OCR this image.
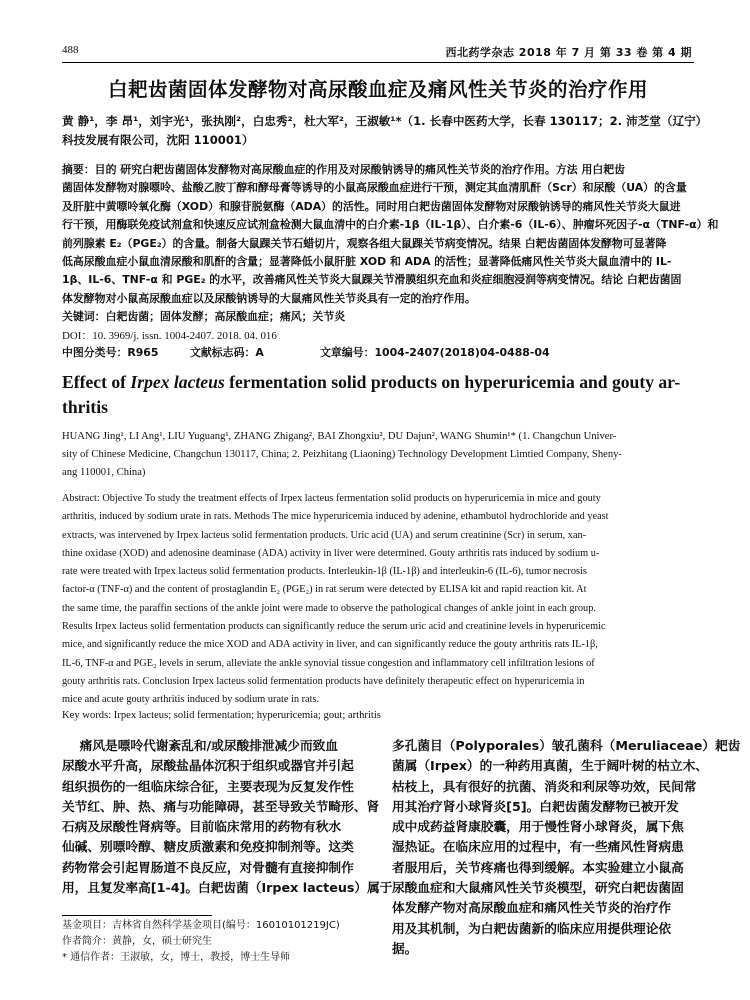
488	西北药学杂志 2018 年 7 月 第 33 卷 第 4 期
白耙齿菌固体发酵物对高尿酸血症及痛风性关节炎的治疗作用
黄 静¹，李 昂¹，刘宇光¹，张执刚²，白忠秀²，杜大军²，王淑敏¹*（1. 长春中医药大学，长春 130117；2. 沛芝堂（辽宁）
科技发展有限公司，沈阳 110001）
摘要：目的 研究白耙齿菌固体发酵物对高尿酸血症的作用及对尿酸钠诱导的痛风性关节炎的治疗作用。方法 用白耙齿
菌固体发酵物对腺嘌呤、盐酸乙胺丁醇和酵母膏等诱导的小鼠高尿酸血症进行干预，测定其血清肌酐（Scr）和尿酸（UA）的含量
及肝脏中黄嘌呤氧化酶（XOD）和腺苷脱氨酶（ADA）的活性。同时用白耙齿菌固体发酵物对尿酸钠诱导的痛风性关节炎大鼠进
行干预，用酶联免疫试剂盒和快速反应试剂盒检测大鼠血清中的白介素-1β（IL-1β）、白介素-6（IL-6）、肿瘤坏死因子-α（TNF-α）和
前列腺素 E₂（PGE₂）的含量。制备大鼠踝关节石蜡切片，观察各组大鼠踝关节病变情况。结果 白耙齿菌固体发酵物可显著降
低高尿酸血症小鼠血清尿酸和肌酐的含量；显著降低小鼠肝脏 XOD 和 ADA 的活性；显著降低痛风性关节炎大鼠血清中的 IL-
1β、IL-6、TNF-α 和 PGE₂ 的水平，改善痛风性关节炎大鼠踝关节滑膜组织充血和炎症细胞浸润等病变情况。结论 白耙齿菌固
体发酵物对小鼠高尿酸血症以及尿酸钠诱导的大鼠痛风性关节炎具有一定的治疗作用。
关键词：白耙齿菌；固体发酵；高尿酸血症；痛风；关节炎
DOI：10. 3969/j. issn. 1004-2407. 2018. 04. 016
中图分类号：R965	文献标志码：A	文章编号：1004-2407(2018)04-0488-04
Effect of Irpex lacteus fermentation solid products on hyperuricemia and gouty ar-
thritis
HUANG Jing¹, LI Ang¹, LIU Yuguang¹, ZHANG Zhigang², BAI Zhongxiu², DU Dajun², WANG Shumin¹* (1. Changchun Univer-
sity of Chinese Medicine, Changchun 130117, China; 2. Peizhitang (Liaoning) Technology Development Limtied Company, Sheny-
ang 110001, China)
Abstract: Objective To study the treatment effects of Irpex lacteus fermentation solid products on hyperuricemia in mice and gouty
arthritis, induced by sodium urate in rats. Methods The mice hyperuricemia induced by adenine, ethambutol hydrochloride and yeast
extracts, was intervened by Irpex lacteus solid fermentation products. Uric acid (UA) and serum creatinine (Scr) in serum, xan-
thine oxidase (XOD) and adenosine deaminase (ADA) activity in liver were determined. Gouty arthritis rats induced by sodium u-
rate were treated with Irpex lacteus solid fermentation products. Interleukin-1β (IL-1β) and interleukin-6 (IL-6), tumor necrosis
factor-α (TNF-α) and the content of prostaglandin E₂ (PGE₂) in rat serum were detected by ELISA kit and rapid reaction kit. At
the same time, the paraffin sections of the ankle joint were made to observe the pathological changes of ankle joint in each group.
Results Irpex lacteus solid fermentation products can significantly reduce the serum uric acid and creatinine levels in hyperuricemic
mice, and significantly reduce the mice XOD and ADA activity in liver, and can significantly reduce the gouty arthritis rats IL-1β,
IL-6, TNF-α and PGE₂ levels in serum, alleviate the ankle synovial tissue congestion and inflammatory cell infiltration lesions of
gouty arthritis rats. Conclusion Irpex lacteus solid fermentation products have definitely therapeutic effect on hyperuricemia in
mice and acute gouty arthritis induced by sodium urate in rats.
Key words: Irpex lacteus; solid fermentation; hyperuricemia; gout; arthritis
痛风是嘌呤代谢紊乱和/或尿酸排泄减少而致血
尿酸水平升高，尿酸盐晶体沉积于组织或器官并引起
组织损伤的一组临床综合征，主要表现为反复发作性
关节红、肿、热、痛与功能障碍，甚至导致关节畸形、肾
石病及尿酸性肾病等。目前临床常用的药物有秋水
仙碱、别嘌呤醇、糖皮质激素和免疫抑制剂等。这类
药物常会引起胃肠道不良反应，对骨髓有直接抑制作
用，且复发率高[1-4]。白耙齿菌（Irpex lacteus）属于
多孔菌目（Polyporales）皱孔菌科（Meruliaceae）耙齿
菌属（Irpex）的一种药用真菌，生于阔叶树的枯立木、
枯枝上，具有很好的抗菌、消炎和利尿等功效，民间常
用其治疗肾小球肾炎[5]。白耙齿菌发酵物已被开发
成中成药益肾康胶囊，用于慢性肾小球肾炎，属下焦
湿热证。在临床应用的过程中，有一些痛风性肾病患
者服用后，关节疼痛也得到缓解。本实验建立小鼠高
尿酸血症和大鼠痛风性关节炎模型，研究白耙齿菌固
体发酵产物对高尿酸血症和痛风性关节炎的治疗作
用及其机制，为白耙齿菌新的临床应用提供理论依
据。
基金项目：吉林省自然科学基金项目(编号：16010101219JC)
作者简介：黄静，女，硕士研究生
* 通信作者：王淑敏，女，博士，教授，博士生导师
